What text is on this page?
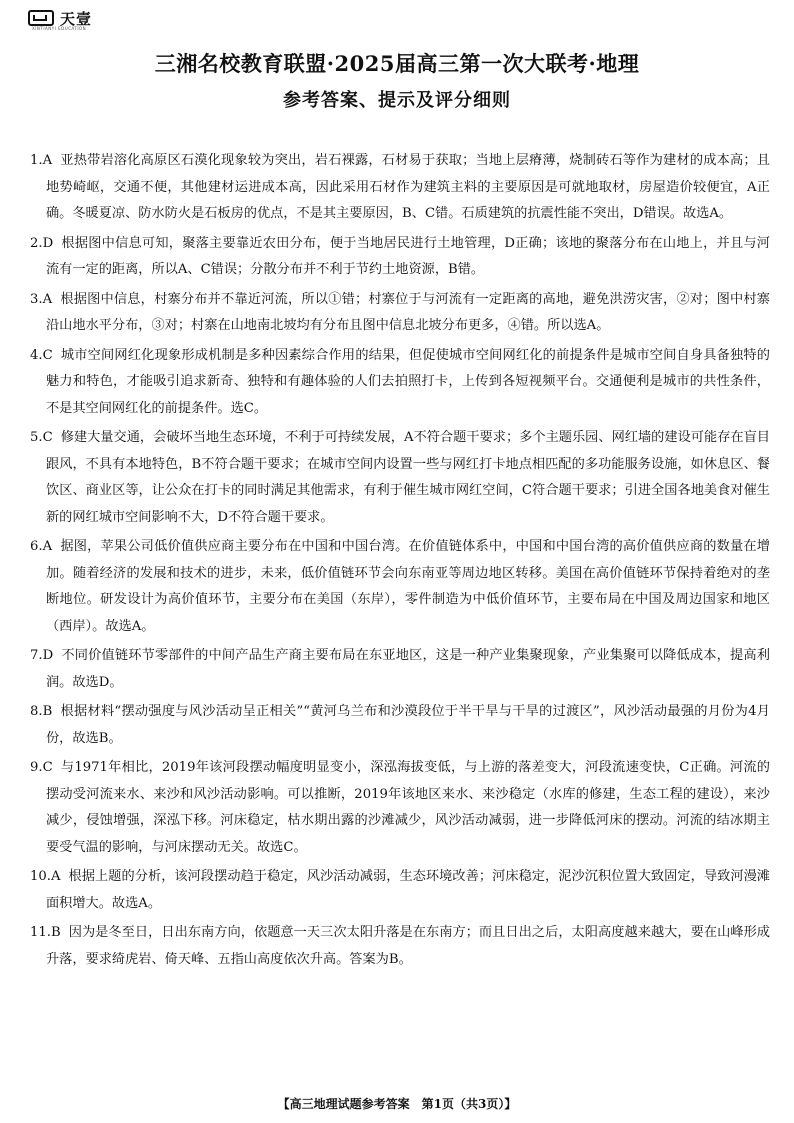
天壹
XINTIANYI EDUCATION
三湘名校教育联盟·2025届高三第一次大联考·地理
参考答案、提示及评分细则

1.A 亚热带岩溶化高原区石漠化现象较为突出，岩石裸露，石材易于获取；当地上层瘠薄，烧制砖石等作为建材的成本高；且地势崎岖，交通不便，其他建材运进成本高，因此采用石材作为建筑主料的主要原因是可就地取材，房屋造价较便宜，A正确。冬暖夏凉、防水防火是石板房的优点，不是其主要原因，B、C错。石质建筑的抗震性能不突出，D错误。故选A。

2.D 根据图中信息可知，聚落主要靠近农田分布，便于当地居民进行土地管理，D正确；该地的聚落分布在山地上，并且与河流有一定的距离，所以A、C错误；分散分布并不利于节约土地资源，B错。

3.A 根据图中信息，村寨分布并不靠近河流，所以①错；村寨位于与河流有一定距离的高地，避免洪涝灾害，②对；图中村寨沿山地水平分布，③对；村寨在山地南北坡均有分布且图中信息北坡分布更多，④错。所以选A。

4.C 城市空间网红化现象形成机制是多种因素综合作用的结果，但促使城市空间网红化的前提条件是城市空间自身具备独特的魅力和特色，才能吸引追求新奇、独特和有趣体验的人们去拍照打卡，上传到各短视频平台。交通便利是城市的共性条件，不是其空间网红化的前提条件。选C。

5.C 修建大量交通，会破坏当地生态环境，不利于可持续发展，A不符合题干要求；多个主题乐园、网红墙的建设可能存在盲目跟风，不具有本地特色，B不符合题干要求；在城市空间内设置一些与网红打卡地点相匹配的多功能服务设施，如休息区、餐饮区、商业区等，让公众在打卡的同时满足其他需求，有利于催生城市网红空间，C符合题干要求；引进全国各地美食对催生新的网红城市空间影响不大，D不符合题干要求。

6.A 据图，苹果公司低价值供应商主要分布在中国和中国台湾。在价值链体系中，中国和中国台湾的高价值供应商的数量在增加。随着经济的发展和技术的进步，未来，低价值链环节会向东南亚等周边地区转移。美国在高价值链环节保持着绝对的垄断地位。研发设计为高价值环节，主要分布在美国（东岸），零件制造为中低价值环节，主要布局在中国及周边国家和地区（西岸）。故选A。

7.D 不同价值链环节零部件的中间产品生产商主要布局在东亚地区，这是一种产业集聚现象，产业集聚可以降低成本，提高利润。故选D。

8.B 根据材料“摆动强度与风沙活动呈正相关”“黄河乌兰布和沙漠段位于半干旱与干旱的过渡区”，风沙活动最强的月份为4月份，故选B。

9.C 与1971年相比，2019年该河段摆动幅度明显变小，深泓海拔变低，与上游的落差变大，河段流速变快，C正确。河流的摆动受河流来水、来沙和风沙活动影响。可以推断，2019年该地区来水、来沙稳定（水库的修建，生态工程的建设），来沙减少，侵蚀增强，深泓下移。河床稳定，枯水期出露的沙滩减少，风沙活动减弱，进一步降低河床的摆动。河流的结冰期主要受气温的影响，与河床摆动无关。故选C。

10.A 根据上题的分析，该河段摆动趋于稳定，风沙活动减弱，生态环境改善；河床稳定，泥沙沉积位置大致固定，导致河漫滩面积增大。故选A。

11.B 因为是冬至日，日出东南方向，依题意一天三次太阳升落是在东南方；而且日出之后，太阳高度越来越大，要在山峰形成升落，要求绮虎岩、倚天峰、五指山高度依次升高。答案为B。

【高三地理试题参考答案　第1页（共3页）】
